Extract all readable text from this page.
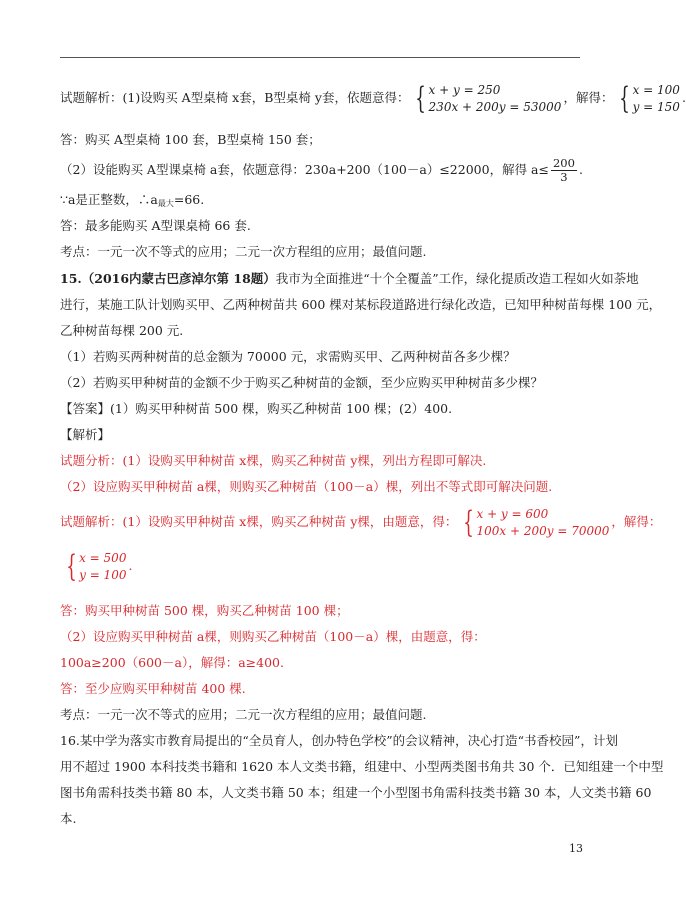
试题解析：(1)设购买 A型桌椅 x套，B型桌椅 y套，依题意得： { x + y = 250
230x + 200y = 53000
，解得： { x = 100
y = 150
.
答：购买 A型桌椅 100 套，B型桌椅 150 套；
（2）设能购买 A型课桌椅 a套，依题意得：230a+200（100－a）≤22000，解得 $a\le \frac{200}{3}$ .
∵a是正整数，∴a最大=66.
答：最多能购买 A型课桌椅 66 套.
考点：一元一次不等式的应用；二元一次方程组的应用；最值问题.
15.（2016内蒙古巴彦淖尔第 18题）我市为全面推进“十个全覆盖”工作，绿化提质改造工程如火如荼地
进行，某施工队计划购买甲、乙两种树苗共 600 棵对某标段道路进行绿化改造，已知甲种树苗每棵 100 元，
乙种树苗每棵 200 元.
（1）若购买两种树苗的总金额为 70000 元，求需购买甲、乙两种树苗各多少棵？
（2）若购买甲种树苗的金额不少于购买乙种树苗的金额，至少应购买甲种树苗多少棵？
【答案】(1）购买甲种树苗 500 棵，购买乙种树苗 100 棵；(2）400.
【解析】
试题分析：(1）设购买甲种树苗 x棵，购买乙种树苗 y棵，列出方程即可解决.
（2）设应购买甲种树苗 a棵，则购买乙种树苗（100－a）棵，列出不等式即可解决问题.
试题解析：(1）设购买甲种树苗 x棵，购买乙种树苗 y棵，由题意，得： { x + y = 600
100x + 200y = 70000
，解得：
{ x = 500
y = 100
.
答：购买甲种树苗 500 棵，购买乙种树苗 100 棵；
（2）设应购买甲种树苗 a棵，则购买乙种树苗（100－a）棵，由题意，得：
100a≥200（600－a），解得：a≥400.
答：至少应购买甲种树苗 400 棵.
考点：一元一次不等式的应用；二元一次方程组的应用；最值问题.
16.某中学为落实市教育局提出的“全员育人，创办特色学校”的会议精神，决心打造“书香校园”，计划
用不超过 1900 本科技类书籍和 1620 本人文类书籍，组建中、小型两类图书角共 30 个．已知组建一个中型
图书角需科技类书籍 80 本，人文类书籍 50 本；组建一个小型图书角需科技类书籍 30 本，人文类书籍 60
本.
13
